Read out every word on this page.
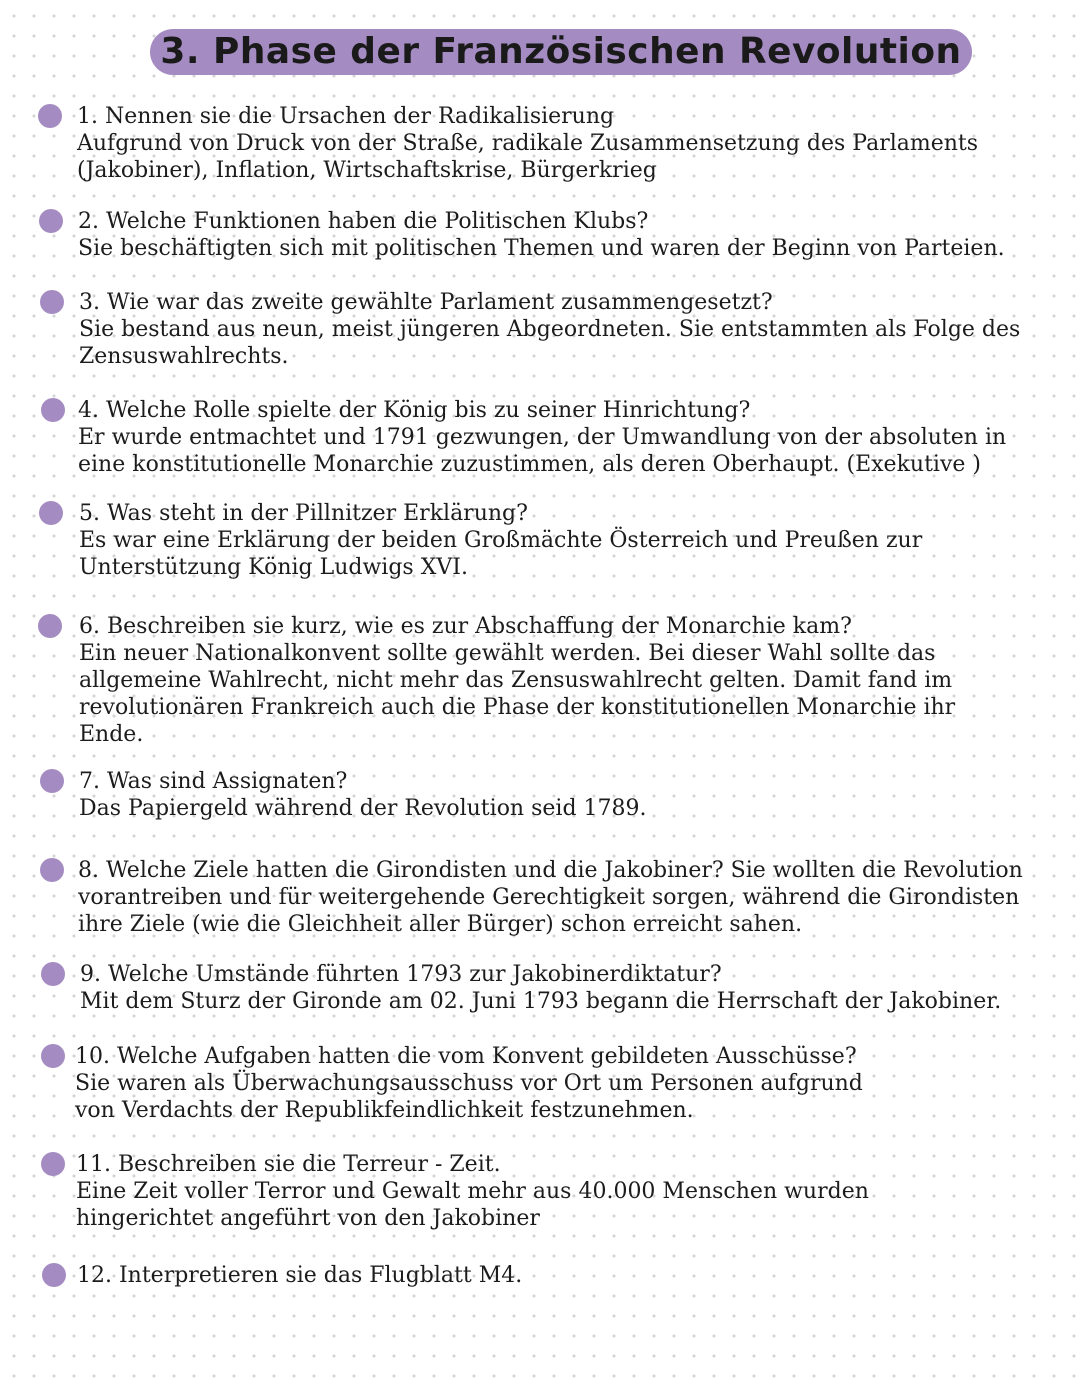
3. Phase der Französischen Revolution
1. Nennen sie die Ursachen der Radikalisierung
Aufgrund von Druck von der Straße, radikale Zusammensetzung des Parlaments
(Jakobiner), Inflation, Wirtschaftskrise, Bürgerkrieg
2. Welche Funktionen haben die Politischen Klubs?
Sie beschäftigten sich mit politischen Themen und waren der Beginn von Parteien.
3. Wie war das zweite gewählte Parlament zusammengesetzt?
Sie bestand aus neun, meist jüngeren Abgeordneten. Sie entstammten als Folge des
Zensuswahlrechts.
4. Welche Rolle spielte der König bis zu seiner Hinrichtung?
Er wurde entmachtet und 1791 gezwungen, der Umwandlung von der absoluten in
eine konstitutionelle Monarchie zuzustimmen, als deren Oberhaupt. (Exekutive )
5. Was steht in der Pillnitzer Erklärung?
Es war eine Erklärung der beiden Großmächte Österreich und Preußen zur
Unterstützung König Ludwigs XVI.
6. Beschreiben sie kurz, wie es zur Abschaffung der Monarchie kam?
Ein neuer Nationalkonvent sollte gewählt werden. Bei dieser Wahl sollte das
allgemeine Wahlrecht, nicht mehr das Zensuswahlrecht gelten. Damit fand im
revolutionären Frankreich auch die Phase der konstitutionellen Monarchie ihr
Ende.
7. Was sind Assignaten?
Das Papiergeld während der Revolution seid 1789.
8. Welche Ziele hatten die Girondisten und die Jakobiner? Sie wollten die Revolution
vorantreiben und für weitergehende Gerechtigkeit sorgen, während die Girondisten
ihre Ziele (wie die Gleichheit aller Bürger) schon erreicht sahen.
9. Welche Umstände führten 1793 zur Jakobinerdiktatur?
Mit dem Sturz der Gironde am 02. Juni 1793 begann die Herrschaft der Jakobiner.
10. Welche Aufgaben hatten die vom Konvent gebildeten Ausschüsse?
Sie waren als Überwachungsausschuss vor Ort um Personen aufgrund
von Verdachts der Republikfeindlichkeit festzunehmen.
11. Beschreiben sie die Terreur - Zeit.
Eine Zeit voller Terror und Gewalt mehr aus 40.000 Menschen wurden
hingerichtet angeführt von den Jakobiner
12. Interpretieren sie das Flugblatt M4.
